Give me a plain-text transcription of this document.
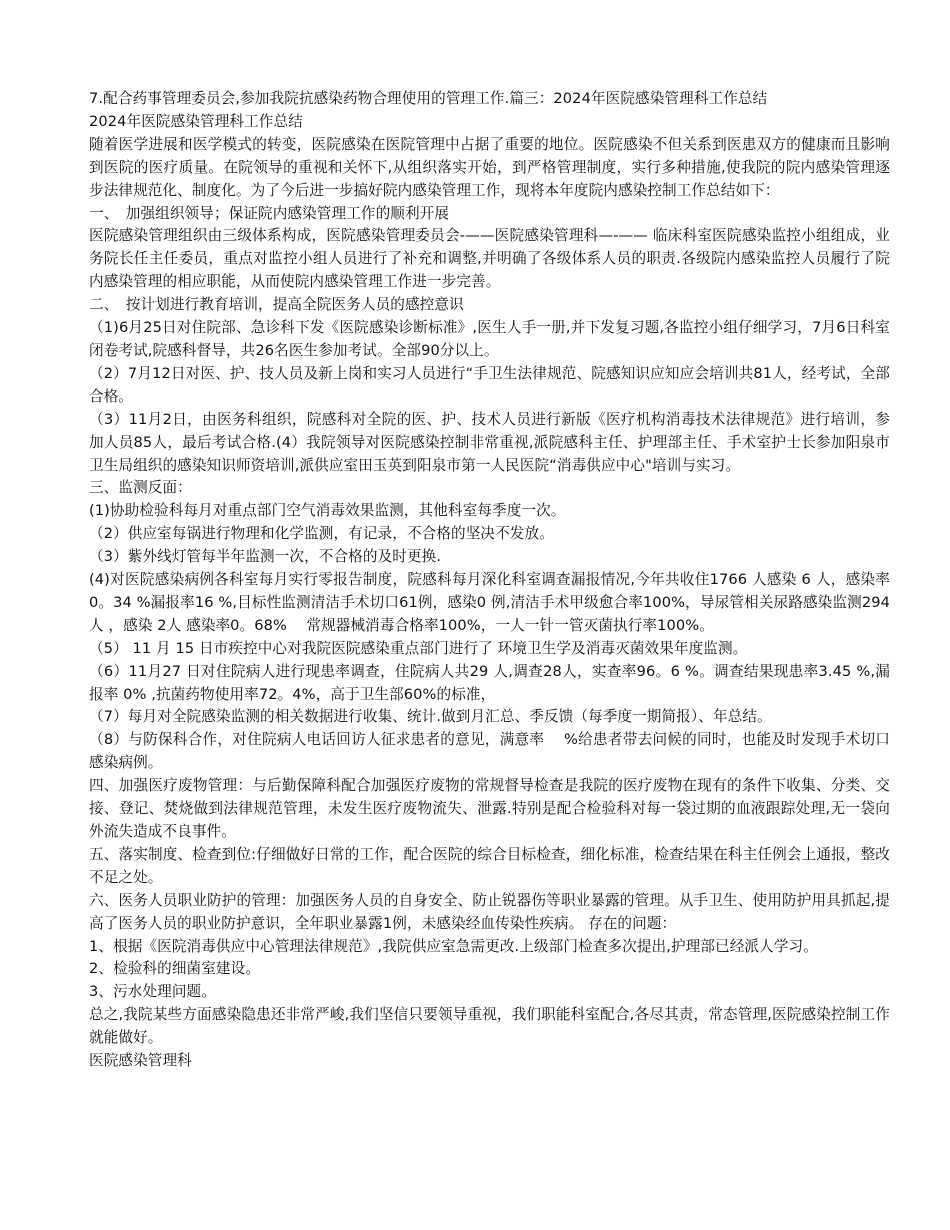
7.配合药事管理委员会,参加我院抗感染药物合理使用的管理工作.篇三：2024年医院感染管理科工作总结

2024年医院感染管理科工作总结

随着医学进展和医学模式的转变，医院感染在医院管理中占据了重要的地位。医院感染不但关系到医患双方的健康而且影响到医院的医疗质量。在院领导的重视和关怀下,从组织落实开始，到严格管理制度，实行多种措施,使我院的院内感染管理逐步法律规范化、制度化。为了今后进一步搞好院内感染管理工作，现将本年度院内感染控制工作总结如下：

一、　加强组织领导；保证院内感染管理工作的顺利开展

医院感染管理组织由三级体系构成，医院感染管理委员会-——医院感染管理科—-—— 临床科室医院感染监控小组组成，业务院长任主任委员，重点对监控小组人员进行了补充和调整,并明确了各级体系人员的职责.各级院内感染监控人员履行了院内感染管理的相应职能，从而使院内感染管理工作进一步完善。

二、　按计划进行教育培训，提高全院医务人员的感控意识

（1)6月25日对住院部、急诊科下发《医院感染诊断标准》,医生人手一册,并下发复习题,各监控小组仔细学习，7月6日科室闭卷考试,院感科督导，共26名医生参加考试。全部90分以上。

（2）7月12日对医、护、技人员及新上岗和实习人员进行“手卫生法律规范、院感知识应知应会培训共81人，经考试，全部合格。

（3）11月2日，由医务科组织，院感科对全院的医、护、技术人员进行新版《医疗机构消毒技术法律规范》进行培训，参加人员85人，最后考试合格.(4）我院领导对医院感染控制非常重视,派院感科主任、护理部主任、手术室护士长参加阳泉市卫生局组织的感染知识师资培训,派供应室田玉英到阳泉市第一人民医院“消毒供应中心"培训与实习。

三、监测反面：

(1)协助检验科每月对重点部门空气消毒效果监测，其他科室每季度一次。

（2）供应室每锅进行物理和化学监测，有记录，不合格的坚决不发放。

（3）紫外线灯管每半年监测一次，不合格的及时更换.

(4)对医院感染病例各科室每月实行零报告制度，院感科每月深化科室调查漏报情况,今年共收住1766 人感染 6 人，感染率0。34 %漏报率16 %,目标性监测清洁手术切口61例，感染0 例,清洁手术甲级愈合率100%，导尿管相关尿路感染监测294人 ，感染 2人 感染率0。68%　 常规器械消毒合格率100%，一人一针一管灭菌执行率100%。

（5） 11 月 15 日市疾控中心对我院医院感染重点部门进行了 环境卫生学及消毒灭菌效果年度监测。

（6）11月27 日对住院病人进行现患率调查，住院病人共29 人,调查28人，实查率96。6 %。调查结果现患率3.45 %,漏报率 0% ,抗菌药物使用率72。4%，高于卫生部60%的标准，

（7）每月对全院感染监测的相关数据进行收集、统计.做到月汇总、季反馈（每季度一期简报）、年总结。

（8）与防保科合作，对住院病人电话回访人征求患者的意见，满意率　 %给患者带去问候的同时，也能及时发现手术切口感染病例。

四、加强医疗废物管理：与后勤保障科配合加强医疗废物的常规督导检查是我院的医疗废物在现有的条件下收集、分类、交接、登记、焚烧做到法律规范管理，未发生医疗废物流失、泄露.特别是配合检验科对每一袋过期的血液跟踪处理,无一袋向外流失造成不良事件。

五、落实制度、检查到位:仔细做好日常的工作，配合医院的综合目标检查，细化标准，检查结果在科主任例会上通报，整改不足之处。

六、医务人员职业防护的管理：加强医务人员的自身安全、防止锐器伤等职业暴露的管理。从手卫生、使用防护用具抓起,提高了医务人员的职业防护意识，全年职业暴露1例，未感染经血传染性疾病。 存在的问题：

1、根据《医院消毒供应中心管理法律规范》,我院供应室急需更改.上级部门检查多次提出,护理部已经派人学习。

2、检验科的细菌室建设。

3、污水处理问题。

总之,我院某些方面感染隐患还非常严峻,我们坚信只要领导重视，我们职能科室配合,各尽其责，常态管理,医院感染控制工作就能做好。

医院感染管理科
